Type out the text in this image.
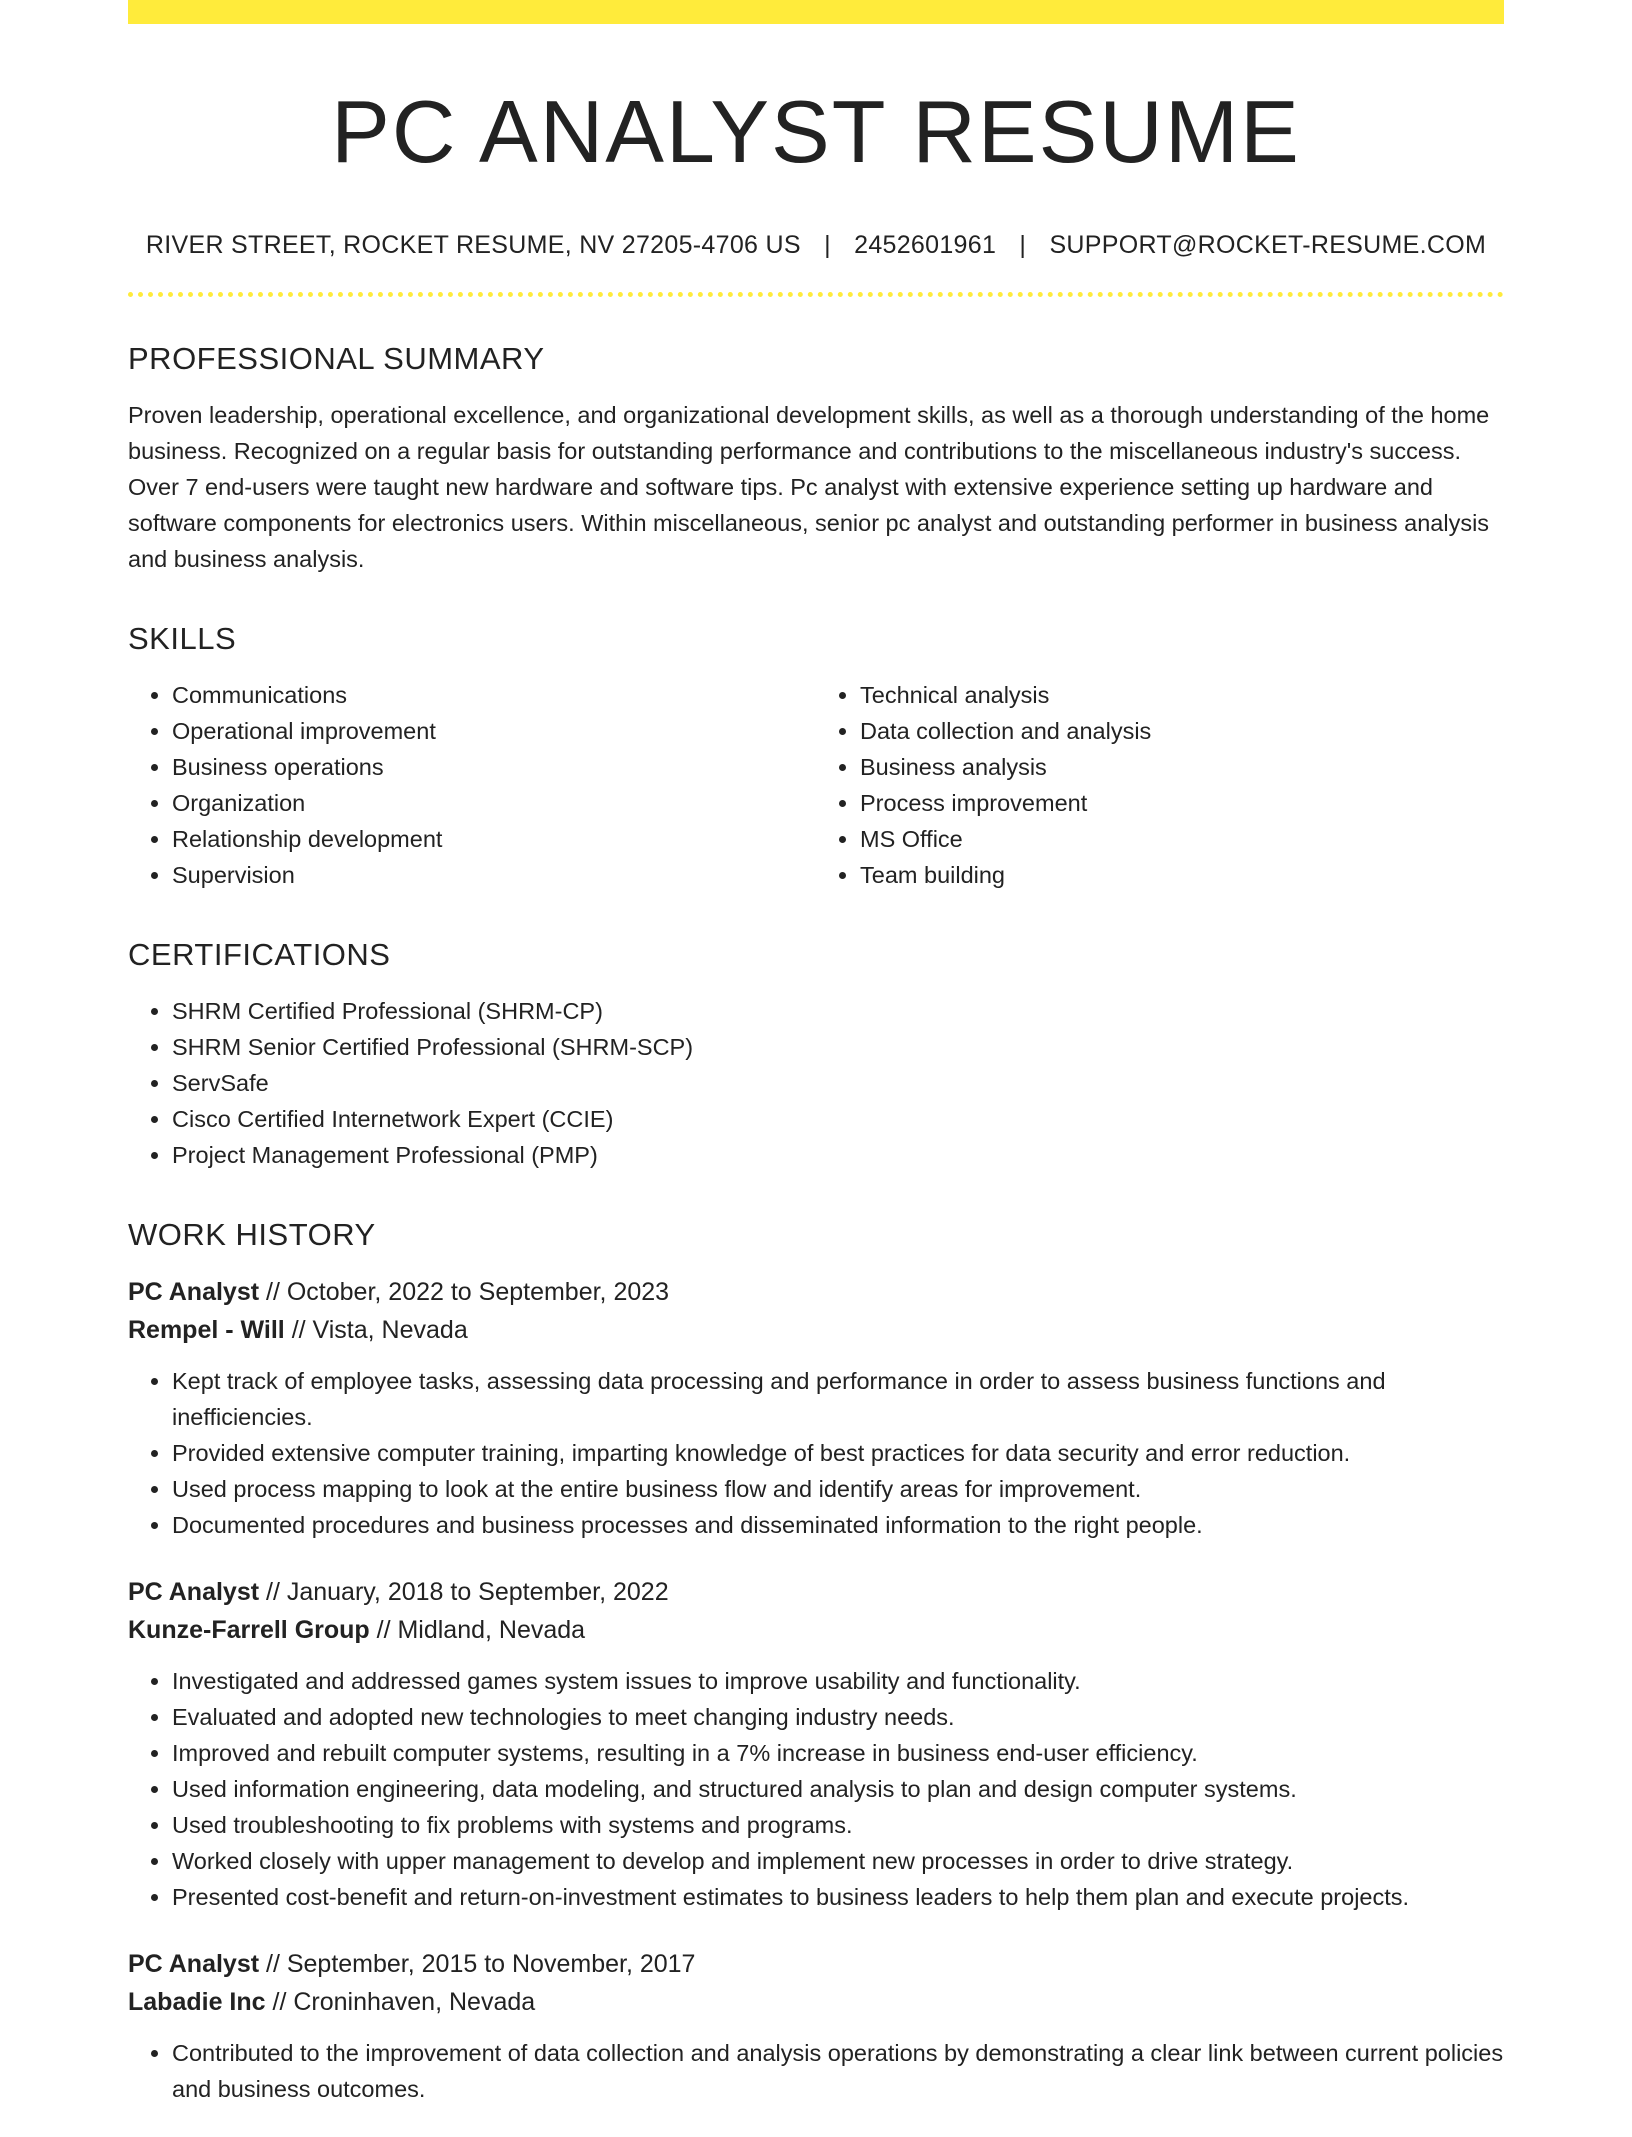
PC ANALYST RESUME
RIVER STREET, ROCKET RESUME, NV 27205-4706 US | 2452601961 | SUPPORT@ROCKET-RESUME.COM
PROFESSIONAL SUMMARY

Proven leadership, operational excellence, and organizational development skills, as well as a thorough understanding of the home business. Recognized on a regular basis for outstanding performance and contributions to the miscellaneous industry's success. Over 7 end-users were taught new hardware and software tips. Pc analyst with extensive experience setting up hardware and software components for electronics users. Within miscellaneous, senior pc analyst and outstanding performer in business analysis and business analysis.

SKILLS
• Communications
• Operational improvement
• Business operations
• Organization
• Relationship development
• Supervision
• Technical analysis
• Data collection and analysis
• Business analysis
• Process improvement
• MS Office
• Team building
CERTIFICATIONS
• SHRM Certified Professional (SHRM-CP)
• SHRM Senior Certified Professional (SHRM-SCP)
• ServSafe
• Cisco Certified Internetwork Expert (CCIE)
• Project Management Professional (PMP)
WORK HISTORY
PC Analyst // October, 2022 to September, 2023
Rempel - Will // Vista, Nevada
• Kept track of employee tasks, assessing data processing and performance in order to assess business functions and inefficiencies.
• Provided extensive computer training, imparting knowledge of best practices for data security and error reduction.
• Used process mapping to look at the entire business flow and identify areas for improvement.
• Documented procedures and business processes and disseminated information to the right people.
PC Analyst // January, 2018 to September, 2022
Kunze-Farrell Group // Midland, Nevada
• Investigated and addressed games system issues to improve usability and functionality.
• Evaluated and adopted new technologies to meet changing industry needs.
• Improved and rebuilt computer systems, resulting in a 7% increase in business end-user efficiency.
• Used information engineering, data modeling, and structured analysis to plan and design computer systems.
• Used troubleshooting to fix problems with systems and programs.
• Worked closely with upper management to develop and implement new processes in order to drive strategy.
• Presented cost-benefit and return-on-investment estimates to business leaders to help them plan and execute projects.
PC Analyst // September, 2015 to November, 2017
Labadie Inc // Croninhaven, Nevada
• Contributed to the improvement of data collection and analysis operations by demonstrating a clear link between current policies and business outcomes.
